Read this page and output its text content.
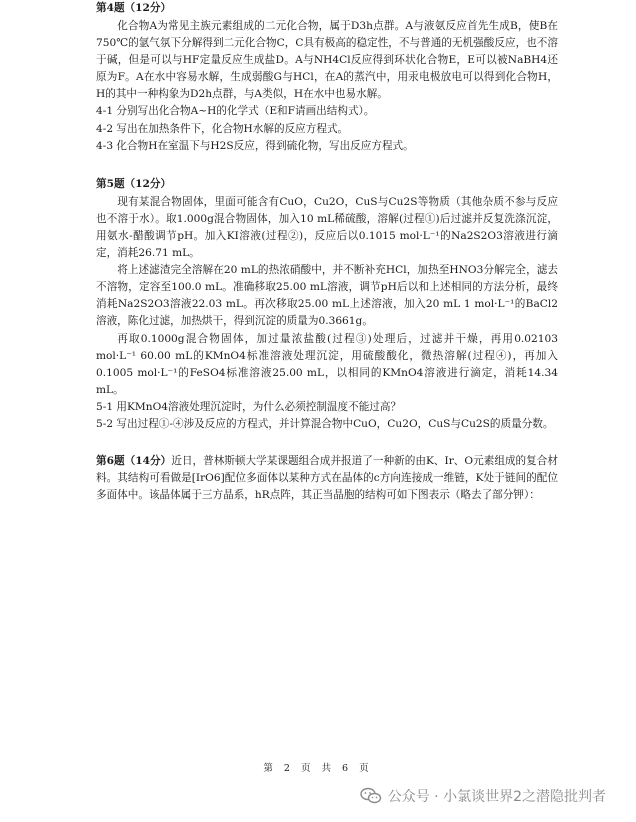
第4题（12分）

化合物A为常见主族元素组成的二元化合物，属于D3h点群。A与液氨反应首先生成B，使B在750℃的氩气氛下分解得到二元化合物C，C具有极高的稳定性，不与普通的无机强酸反应，也不溶于碱，但是可以与HF定量反应生成盐D。A与NH4Cl反应得到环状化合物E，E可以被NaBH4还原为F。A在水中容易水解，生成弱酸G与HCl，在A的蒸汽中，用汞电极放电可以得到化合物H，H的其中一种构象为D2h点群，与A类似，H在水中也易水解。

4-1 分别写出化合物A~H的化学式（E和F请画出结构式）。

4-2 写出在加热条件下，化合物H水解的反应方程式。

4-3 化合物H在室温下与H2S反应，得到硫化物，写出反应方程式。

第5题（12分）

现有某混合物固体，里面可能含有CuO，Cu2O，CuS与Cu2S等物质（其他杂质不参与反应也不溶于水）。取1.000g混合物固体，加入10 mL稀硫酸，溶解(过程①)后过滤并反复洗涤沉淀，用氨水-醋酸调节pH。加入KI溶液(过程②)，反应后以0.1015 mol·L⁻¹的Na2S2O3溶液进行滴定，消耗26.71 mL。

将上述滤渣完全溶解在20 mL的热浓硝酸中，并不断补充HCl，加热至HNO3分解完全，滤去不溶物，定容至100.0 mL。准确移取25.00 mL溶液，调节pH后以和上述相同的方法分析，最终消耗Na2S2O3溶液22.03 mL。再次移取25.00 mL上述溶液，加入20 mL 1 mol·L⁻¹的BaCl2溶液，陈化过滤，加热烘干，得到沉淀的质量为0.3661g。

再取0.1000g混合物固体，加过量浓盐酸(过程③)处理后，过滤并干燥，再用0.02103 mol·L⁻¹ 60.00 mL的KMnO4标准溶液处理沉淀，用硫酸酸化，微热溶解(过程④)，再加入0.1005 mol·L⁻¹的FeSO4标准溶液25.00 mL，以相同的KMnO4溶液进行滴定，消耗14.34 mL。

5-1 用KMnO4溶液处理沉淀时，为什么必须控制温度不能过高？

5-2 写出过程①-④涉及反应的方程式，并计算混合物中CuO，Cu2O，CuS与Cu2S的质量分数。

第6题（14分）近日，普林斯顿大学某课题组合成并报道了一种新的由K、Ir、O元素组成的复合材料。其结构可看做是[IrO6]配位多面体以某种方式在晶体的c方向连接成一维链，K处于链间的配位多面体中。该晶体属于三方晶系，hR点阵，其正当晶胞的结构可如下图表示（略去了部分钾）：

第 2 页 共 6 页
公众号 · 小氯谈世界2之潜隐批判者
